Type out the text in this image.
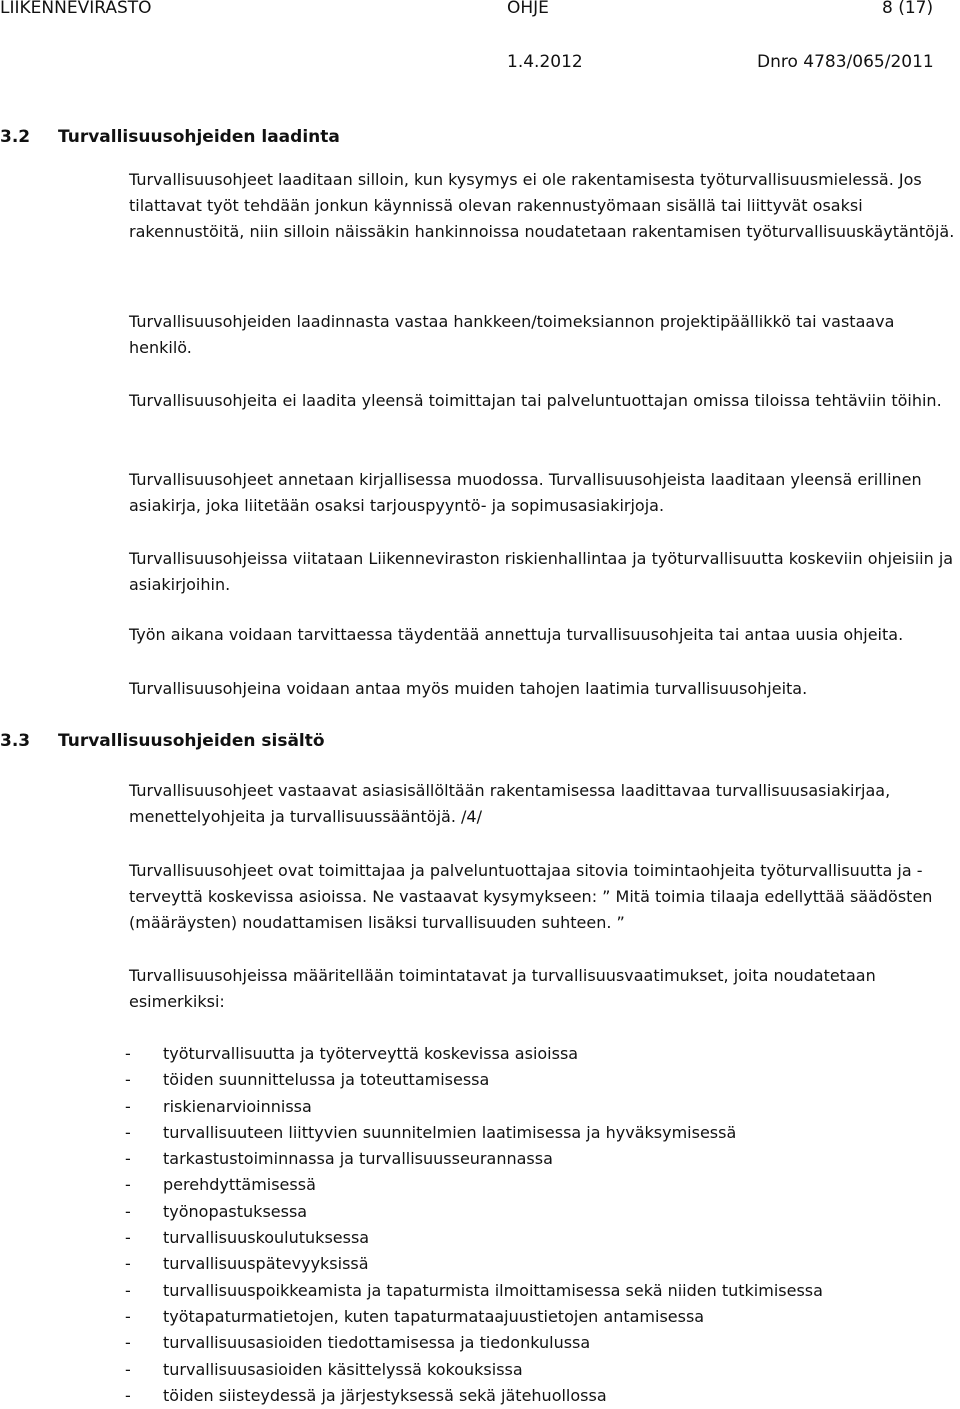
LIIKENNEVIRASTO	OHJE	8 (17)
1.4.2012	Dnro 4783/065/2011
3.2 Turvallisuusohjeiden laadinta

Turvallisuusohjeet laaditaan silloin, kun kysymys ei ole rakentamisesta työturvallisuusmielessä. Jos tilattavat työt tehdään jonkun käynnissä olevan rakennustyömaan sisällä tai liittyvät osaksi rakennustöitä, niin silloin näissäkin hankinnoissa noudatetaan rakentamisen työturvallisuuskäytäntöjä.

Turvallisuusohjeiden laadinnasta vastaa hankkeen/toimeksiannon projektipäällikkö tai vastaava henkilö.

Turvallisuusohjeita ei laadita yleensä toimittajan tai palveluntuottajan omissa tiloissa tehtäviin töihin.

Turvallisuusohjeet annetaan kirjallisessa muodossa. Turvallisuusohjeista laaditaan yleensä erillinen asiakirja, joka liitetään osaksi tarjouspyyntö- ja sopimusasiakirjoja.

Turvallisuusohjeissa viitataan Liikenneviraston riskienhallintaa ja työturvallisuutta koskeviin ohjeisiin ja asiakirjoihin.

Työn aikana voidaan tarvittaessa täydentää annettuja turvallisuusohjeita tai antaa uusia ohjeita.

Turvallisuusohjeina voidaan antaa myös muiden tahojen laatimia turvallisuusohjeita.

3.3 Turvallisuusohjeiden sisältö

Turvallisuusohjeet vastaavat asiasisällöltään rakentamisessa laadittavaa turvallisuusasiakirjaa, menettelyohjeita ja turvallisuussääntöjä. /4/

Turvallisuusohjeet ovat toimittajaa ja palveluntuottajaa sitovia toimintaohjeita työturvallisuutta ja -terveyttä koskevissa asioissa. Ne vastaavat kysymykseen: ” Mitä toimia tilaaja edellyttää säädösten (määräysten) noudattamisen lisäksi turvallisuuden suhteen. ”

Turvallisuusohjeissa määritellään toimintatavat ja turvallisuusvaatimukset, joita noudatetaan esimerkiksi:

- työturvallisuutta ja työterveyttä koskevissa asioissa
- töiden suunnittelussa ja toteuttamisessa
- riskienarvioinnissa
- turvallisuuteen liittyvien suunnitelmien laatimisessa ja hyväksymisessä
- tarkastustoiminnassa ja turvallisuusseurannassa
- perehdyttämisessä
- työnopastuksessa
- turvallisuuskoulutuksessa
- turvallisuuspätevyyksissä
- turvallisuuspoikkeamista ja tapaturmista ilmoittamisessa sekä niiden tutkimisessa
- työtapaturmatietojen, kuten tapaturmataajuustietojen antamisessa
- turvallisuusasioiden tiedottamisessa ja tiedonkulussa
- turvallisuusasioiden käsittelyssä kokouksissa
- töiden siisteydessä ja järjestyksessä sekä jätehuollossa
